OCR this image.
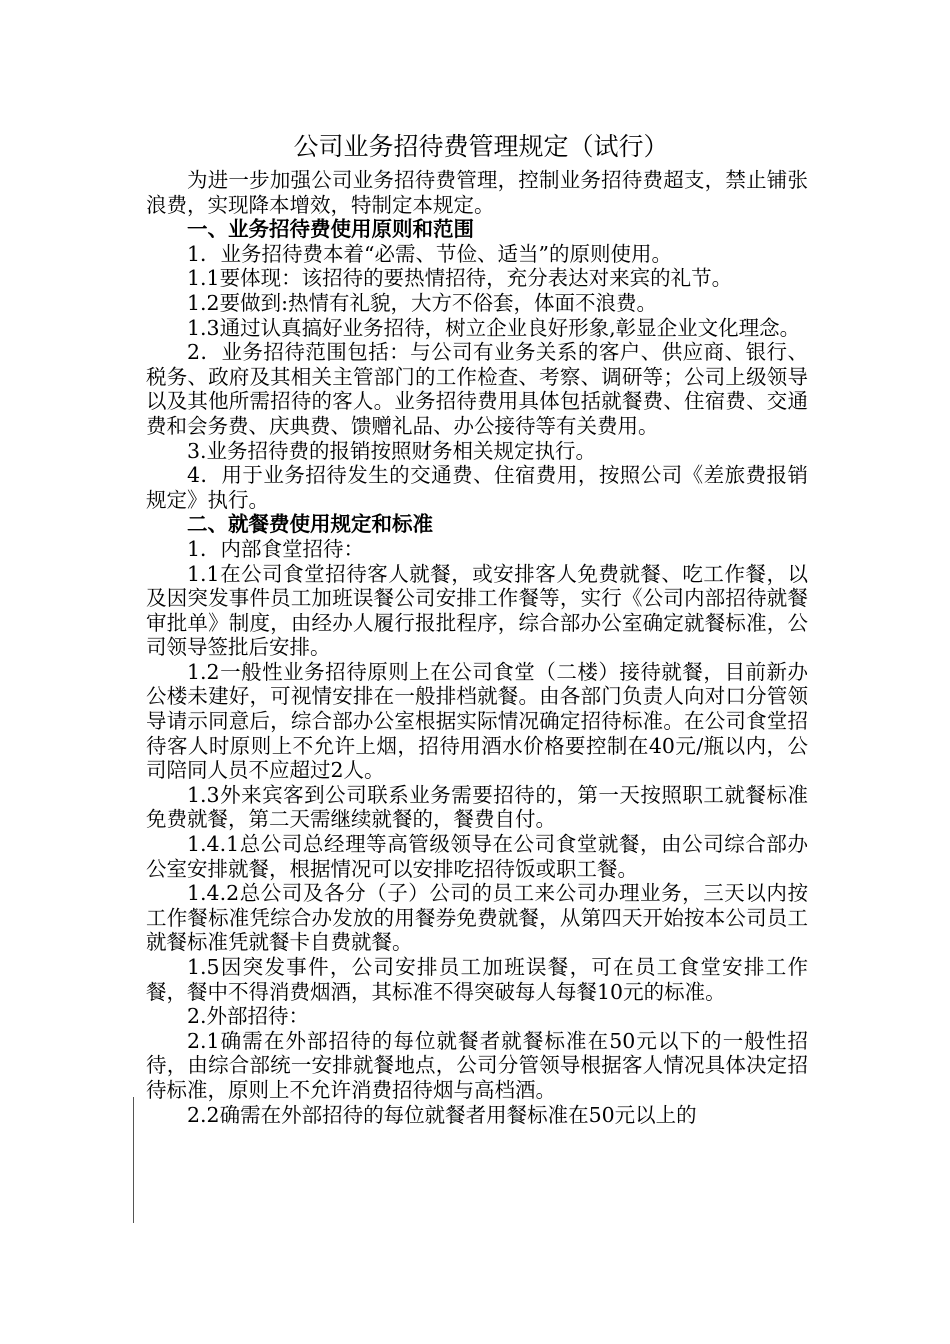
公司业务招待费管理规定（试行）

为进一步加强公司业务招待费管理，控制业务招待费超支，禁止铺张浪费，实现降本增效，特制定本规定。

一、业务招待费使用原则和范围

1．业务招待费本着“必需、节俭、适当”的原则使用。

1.1要体现：该招待的要热情招待，充分表达对来宾的礼节。

1.2要做到:热情有礼貌，大方不俗套，体面不浪费。

1.3通过认真搞好业务招待，树立企业良好形象,彰显企业文化理念。

2．业务招待范围包括：与公司有业务关系的客户、供应商、银行、税务、政府及其相关主管部门的工作检查、考察、调研等；公司上级领导以及其他所需招待的客人。业务招待费用具体包括就餐费、住宿费、交通费和会务费、庆典费、馈赠礼品、办公接待等有关费用。

3.业务招待费的报销按照财务相关规定执行。

4．用于业务招待发生的交通费、住宿费用，按照公司《差旅费报销规定》执行。

二、就餐费使用规定和标准

1．内部食堂招待：

1.1在公司食堂招待客人就餐，或安排客人免费就餐、吃工作餐，以及因突发事件员工加班误餐公司安排工作餐等，实行《公司内部招待就餐审批单》制度，由经办人履行报批程序，综合部办公室确定就餐标准，公司领导签批后安排。

1.2一般性业务招待原则上在公司食堂（二楼）接待就餐，目前新办公楼未建好，可视情安排在一般排档就餐。由各部门负责人向对口分管领导请示同意后，综合部办公室根据实际情况确定招待标准。在公司食堂招待客人时原则上不允许上烟，招待用酒水价格要控制在40元/瓶以内，公司陪同人员不应超过2人。

1.3外来宾客到公司联系业务需要招待的，第一天按照职工就餐标准免费就餐，第二天需继续就餐的，餐费自付。

1.4.1总公司总经理等高管级领导在公司食堂就餐，由公司综合部办公室安排就餐，根据情况可以安排吃招待饭或职工餐。

1.4.2总公司及各分（子）公司的员工来公司办理业务，三天以内按工作餐标准凭综合办发放的用餐券免费就餐，从第四天开始按本公司员工就餐标准凭就餐卡自费就餐。

1.5因突发事件，公司安排员工加班误餐，可在员工食堂安排工作餐，餐中不得消费烟酒，其标准不得突破每人每餐10元的标准。

2.外部招待：

2.1确需在外部招待的每位就餐者就餐标准在50元以下的一般性招待，由综合部统一安排就餐地点，公司分管领导根据客人情况具体决定招待标准，原则上不允许消费招待烟与高档酒。

2.2确需在外部招待的每位就餐者用餐标准在50元以上的
